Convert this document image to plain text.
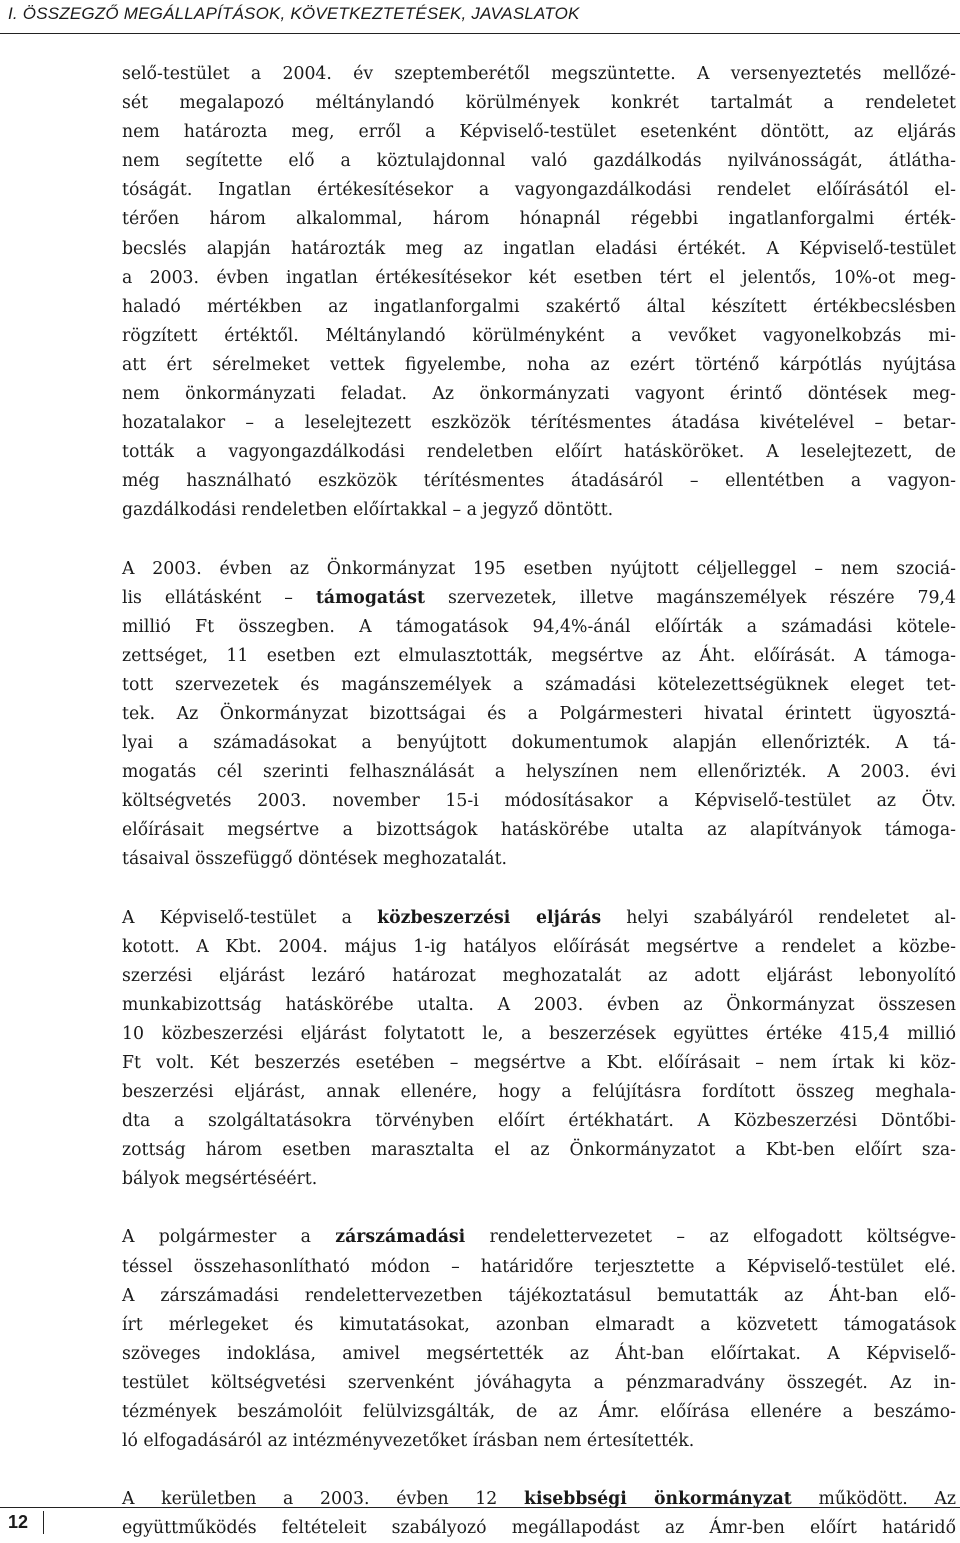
I. ÖSSZEGZŐ MEGÁLLAPÍTÁSOK, KÖVETKEZTETÉSEK, JAVASLATOK
selő-testület a 2004. év szeptemberétől megszüntette. A versenyeztetés mellőzé-
sét megalapozó méltánylandó körülmények konkrét tartalmát a rendeletet
nem határozta meg, erről a Képviselő-testület esetenként döntött, az eljárás
nem segítette elő a köztulajdonnal való gazdálkodás nyilvánosságát, átlátha-
tóságát. Ingatlan értékesítésekor a vagyongazdálkodási rendelet előírásától el-
térően három alkalommal, három hónapnál régebbi ingatlanforgalmi érték-
becslés alapján határozták meg az ingatlan eladási értékét. A Képviselő-testület
a 2003. évben ingatlan értékesítésekor két esetben tért el jelentős, 10%-ot meg-
haladó mértékben az ingatlanforgalmi szakértő által készített értékbecslésben
rögzített értéktől. Méltánylandó körülményként a vevőket vagyonelkobzás mi-
att ért sérelmeket vettek figyelembe, noha az ezért történő kárpótlás nyújtása
nem önkormányzati feladat. Az önkormányzati vagyont érintő döntések meg-
hozatalakor – a leselejtezett eszközök térítésmentes átadása kivételével – betar-
tották a vagyongazdálkodási rendeletben előírt hatásköröket. A leselejtezett, de
még használható eszközök térítésmentes átadásáról – ellentétben a vagyon-
gazdálkodási rendeletben előírtakkal – a jegyző döntött.
A 2003. évben az Önkormányzat 195 esetben nyújtott céljelleggel – nem szociá-
lis ellátásként – támogatást szervezetek, illetve magánszemélyek részére 79,4
millió Ft összegben. A támogatások 94,4%-ánál előírták a számadási kötele-
zettséget, 11 esetben ezt elmulasztották, megsértve az Áht. előírását. A támoga-
tott szervezetek és magánszemélyek a számadási kötelezettségüknek eleget tet-
tek. Az Önkormányzat bizottságai és a Polgármesteri hivatal érintett ügyosztá-
lyai a számadásokat a benyújtott dokumentumok alapján ellenőrizték. A tá-
mogatás cél szerinti felhasználását a helyszínen nem ellenőrizték. A 2003. évi
költségvetés 2003. november 15-i módosításakor a Képviselő-testület az Ötv.
előírásait megsértve a bizottságok hatáskörébe utalta az alapítványok támoga-
tásaival összefüggő döntések meghozatalát.
A Képviselő-testület a közbeszerzési eljárás helyi szabályáról rendeletet al-
kotott. A Kbt. 2004. május 1-ig hatályos előírását megsértve a rendelet a közbe-
szerzési eljárást lezáró határozat meghozatalát az adott eljárást lebonyolító
munkabizottság hatáskörébe utalta. A 2003. évben az Önkormányzat összesen
10 közbeszerzési eljárást folytatott le, a beszerzések együttes értéke 415,4 millió
Ft volt. Két beszerzés esetében – megsértve a Kbt. előírásait – nem írtak ki köz-
beszerzési eljárást, annak ellenére, hogy a felújításra fordított összeg meghala-
dta a szolgáltatásokra törvényben előírt értékhatárt. A Közbeszerzési Döntőbi-
zottság három esetben marasztalta el az Önkormányzatot a Kbt-ben előírt sza-
bályok megsértéséért.
A polgármester a zárszámadási rendelettervezetet – az elfogadott költségve-
téssel összehasonlítható módon – határidőre terjesztette a Képviselő-testület elé.
A zárszámadási rendelettervezetben tájékoztatásul bemutatták az Áht-ban elő-
írt mérlegeket és kimutatásokat, azonban elmaradt a közvetett támogatások
szöveges indoklása, amivel megsértették az Áht-ban előírtakat. A Képviselő-
testület költségvetési szervenként jóváhagyta a pénzmaradvány összegét. Az in-
tézmények beszámolóit felülvizsgálták, de az Ámr. előírása ellenére a beszámo-
ló elfogadásáról az intézményvezetőket írásban nem értesítették.
A kerületben a 2003. évben 12 kisebbségi önkormányzat működött. Az
együttműködés feltételeit szabályozó megállapodást az Ámr-ben előírt határidő
12
